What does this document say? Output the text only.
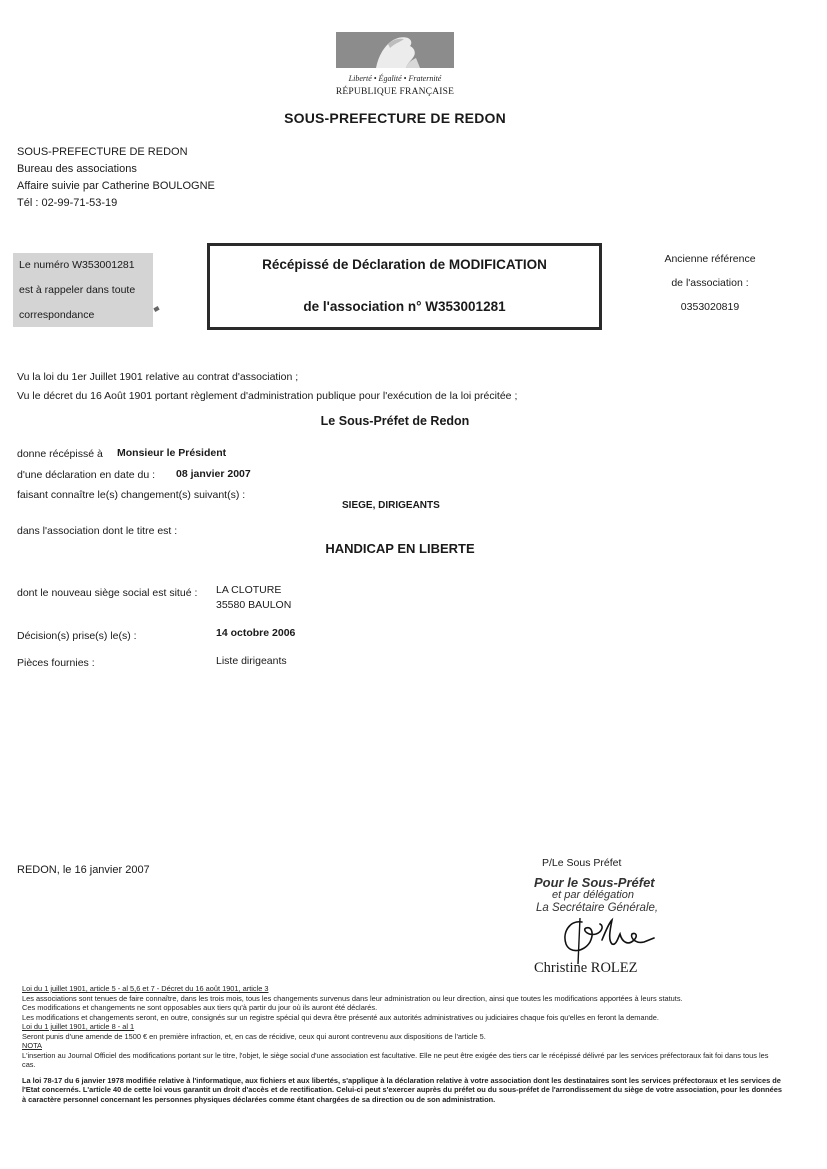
Liberté • Égalité • Fraternité
RÉPUBLIQUE FRANÇAISE
SOUS-PREFECTURE DE REDON
SOUS-PREFECTURE DE REDON
Bureau des associations
Affaire suivie par Catherine BOULOGNE
Tél : 02-99-71-53-19
Le numéro W353001281
est à rappeler dans toute
correspondance
Récépissé de Déclaration de MODIFICATION
de l'association n° W353001281
Ancienne référence
de l'association :
0353020819
Vu la loi du 1er Juillet 1901 relative au contrat d'association ;
Vu le décret du 16 Août 1901 portant règlement d'administration publique pour l'exécution de la loi précitée ;
Le Sous-Préfet de Redon
donne récépissé à Monsieur le Président
d'une déclaration en date du : 08 janvier 2007
faisant connaître le(s) changement(s) suivant(s) :
SIEGE, DIRIGEANTS
dans l'association dont le titre est :
HANDICAP EN LIBERTE
dont le nouveau siège social est situé : LA CLOTURE
35580 BAULON
Décision(s) prise(s) le(s) :	14 octobre 2006
Pièces fournies :	Liste dirigeants
REDON, le 16 janvier 2007
P/Le Sous Préfet
Pour le Sous-Préfet
et par délégation
La Secrétaire Générale,
Christine ROLEZ
Loi du 1 juillet 1901, article 5 - al 5,6 et 7 - Décret du 16 août 1901, article 3
Les associations sont tenues de faire connaître, dans les trois mois, tous les changements survenus dans leur administration ou leur direction, ainsi que toutes les modifications apportées à leurs statuts.
Ces modifications et changements ne sont opposables aux tiers qu'à partir du jour où ils auront été déclarés.
Les modifications et changements seront, en outre, consignés sur un registre spécial qui devra être présenté aux autorités administratives ou judiciaires chaque fois qu'elles en feront la demande.
Loi du 1 juillet 1901, article 8 - al 1
Seront punis d'une amende de 1500 € en première infraction, et, en cas de récidive, ceux qui auront contrevenu aux dispositions de l'article 5.
NOTA
L'insertion au Journal Officiel des modifications portant sur le titre, l'objet, le siège social d'une association est facultative. Elle ne peut être exigée des tiers car le récépissé délivré par les services préfectoraux fait foi dans tous les cas.
La loi 78-17 du 6 janvier 1978 modifiée relative à l'informatique, aux fichiers et aux libertés, s'applique à la déclaration relative à votre association dont les destinataires sont les services préfectoraux et les services de l'Etat concernés. L'article 40 de cette loi vous garantit un droit d'accès et de rectification. Celui-ci peut s'exercer auprès du préfet ou du sous-préfet de l'arrondissement du siège de votre association, pour les données à caractère personnel concernant les personnes physiques déclarées comme étant chargées de sa direction ou de son administration.
